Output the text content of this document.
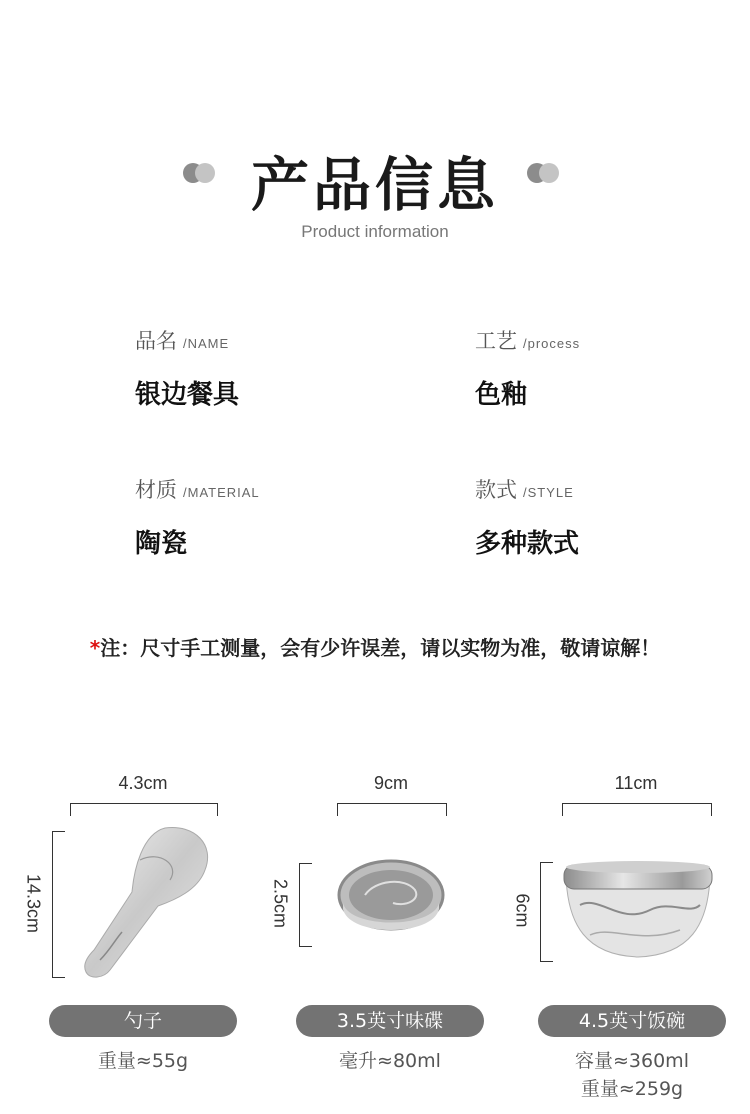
产品信息
Product information
品名 /NAME
银边餐具
工艺 /process
色釉
材质 /MATERIAL
陶瓷
款式 /STYLE
多种款式
*注：尺寸手工测量，会有少许误差，请以实物为准，敬请谅解！
4.3cm
14.3cm
勺子
重量≈55g
9cm
2.5cm
3.5英寸味碟
毫升≈80ml
11cm
6cm
4.5英寸饭碗
容量≈360ml
重量≈259g
